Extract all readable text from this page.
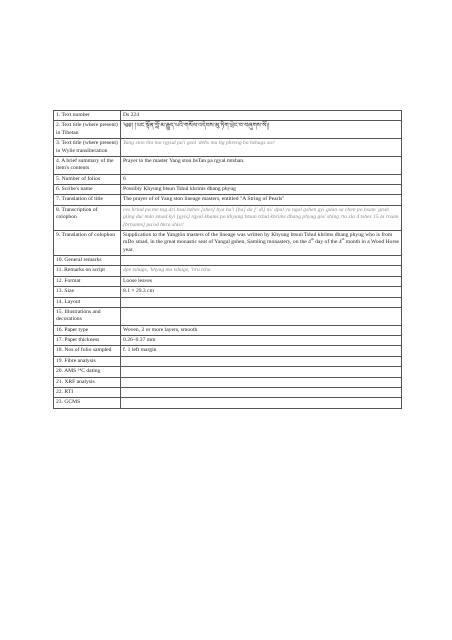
1. Text number	Ds 224
2. Text title (where present) in Tibetan	༄༅། །ཡང་སྟོན་བློ་མ་རྒྱུད་པའི་གསོལ་འདེབས་མུ་ཏིག་ཕྲེང་བ་བཞུགས་སོ།།
3. Text title (where present) in Wylie transliteration	Yang ston bla ma rgyud pa'i gsol 'debs mu tig phreng ba bzhugs so//
4. A brief summary of the item's contents	Prayer to the master Yang ston bsTan pa rgyal mtshan.
5. Number of folios	6
6. Scribe's name	Possibly Khyung btsun Tshul khrims dbang phyug
7. Translation of title	The prayer of of Yang ston lineage masters, entitled "A String of Pearls"
8. Transcription of colophon	ces brtod pa me tog dri bsul bzhes [zhes] bya ba'i [ba] da [' di] ni/ dpal ya ngal gshen gyi gdan sa chen po bsam 'grub gling du/ mdo smad kyi [gyis] rgyal khams pa khyung btsun tshul khrims dbang phyug gis/ shing rta zla 4 tshes 15 la rtsam [brtsams] pa'od bkra shis//
9. Translation of colophon	Supplication to the Yangtön masters of the lineage was written by Khyung btsun Tshul khrims dbang phyug who is from mDo smad, in the great monastic seat of Yangal gshen, Samling monastery, on the 4th day of the 4th month in a Wood Horse year.
10. General remarks	
11. Remarks on script	dpe tshugs, 'khyug ma tshugs, 'bru tsha
12. Format	Loose leaves
13. Size	8.1 × 29.3 cm
14. Layout	
15. Illustrations and decorations	
16. Paper type	Woven, 2 or more layers, smooth
17. Paper thickness	0.26–0.37 mm
18. Nos of folio sampled	f. 1 left margin
19. Fibre analysis	
20. AMS ¹⁴C dating	
21. XRF analysis	
22. RTI	
23. GCMS	
